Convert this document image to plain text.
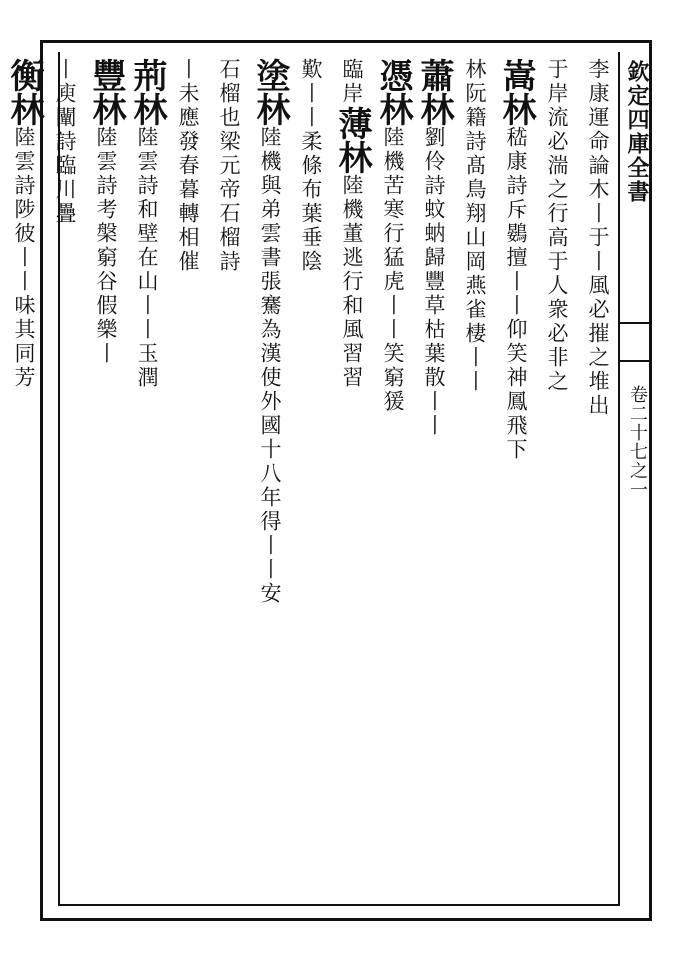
欽定四庫全書
卷二十七之一
李康運命論木丨于丨風必摧之堆出
于岸流必湍之行高于人衆必非之
嵩林嵇康詩斥鷃擅丨丨仰笑神鳳飛下
林阮籍詩髙鳥翔山岡燕雀棲丨丨
蕭林劉伶詩蚊蚋歸豐草枯葉散丨丨
憑林陸機苦寒行猛虎丨丨笑窮猨
臨岸薄林陸機董逃行和風習習
歎丨丨柔條布葉垂陰
塗林陸機與弟雲書張騫為漢使外國十八年得丨丨安
石榴也梁元帝石榴詩
丨未應發春暮轉相催
荊林陸雲詩和壁在山丨丨玉潤
豐林陸雲詩考槃窮谷假樂丨
丨庾闡詩臨川疊
衡林陸雲詩陟彼丨丨味其同芳
